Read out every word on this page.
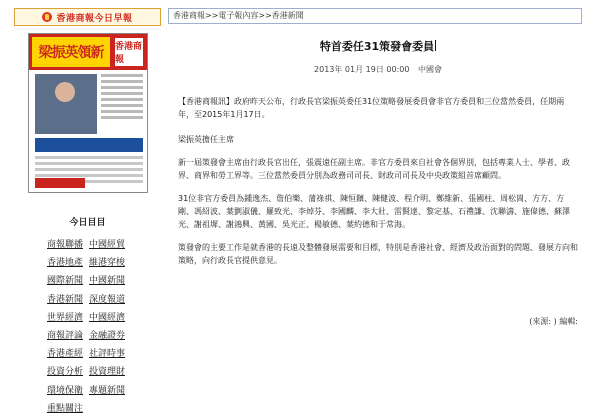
香港商報今日早報
梁振英領新 香港商報
今日目目
商報聯播 中國經貿
香港地產 維港穿梭
國際新聞 中國新聞
香港新聞 深度報道
世界經濟 中國經濟
商報評論 金融證券
香港產經 社評時事
投資分析 投資理財
環境保衛 專題新聞
重點關注
香港商報>>電子報內容>>香港新聞
特首委任31策發會委員
2013年 01月 19日 00:00 中國會

【香港商報訊】政府昨天公布，行政長官梁振英委任31位策略發展委員會非官方委員和三位當然委員，任期兩年，至2015年1月17日。

梁振英擔任主席

新一屆策發會主席由行政長官出任，張震遠任副主席。非官方委員來自社會各個界別，包括專業人士、學者、政界、商界和勞工界等。三位當然委員分別為政務司司長、財政司司長及中央政策組首席顧問。

31位非官方委員為鍾逸杰、詹伯樂、蒲祿祺、陳恒鑌、陳健波、程介明、鄭維新、張國柱、周松崗、方方、方剛、馮紹波、葉劉淑儀、羅致光、李焯芬、李國麟、李大壯、雷賢達、黎定基、石禮謙、沈聯濤、施偉德、蘇澤光、謝祖墀、謝鴻興、黃國、吳光正、楊敏德、葉約德和于常海。

策發會的主要工作是就香港的長遠及整體發展需要和目標，特別是香港社會、經濟及政治面對的問題、發展方向和策略，向行政長官提供意見。

(來源: ) 編輯:
